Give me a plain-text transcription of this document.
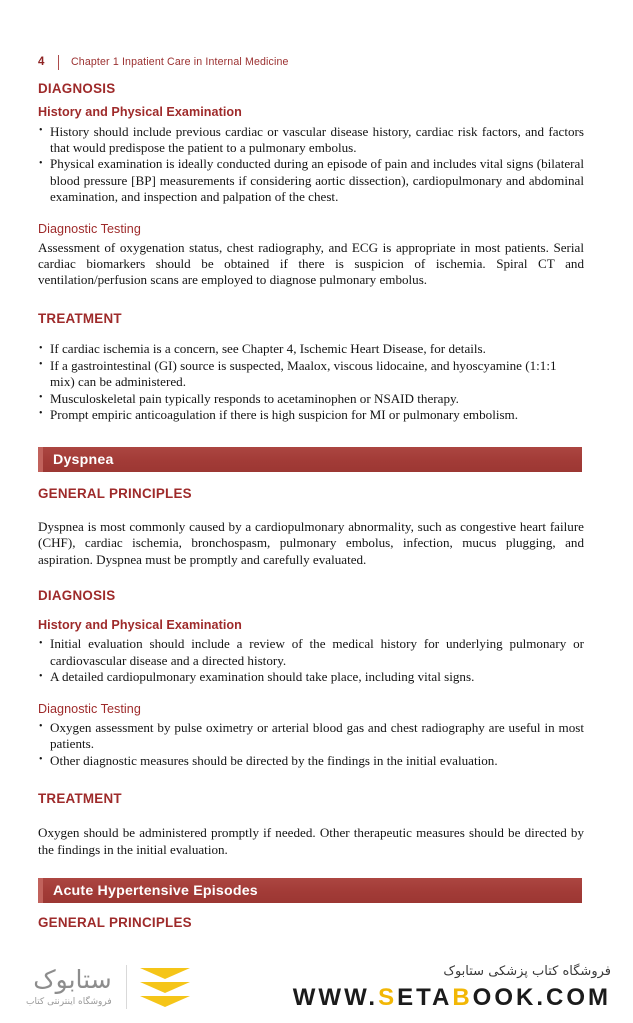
4 Chapter 1 Inpatient Care in Internal Medicine
DIAGNOSIS
History and Physical Examination
• History should include previous cardiac or vascular disease history, cardiac risk factors, and factors that would predispose the patient to a pulmonary embolus.
• Physical examination is ideally conducted during an episode of pain and includes vital signs (bilateral blood pressure [BP] measurements if considering aortic dissection), cardiopulmonary and abdominal examination, and inspection and palpation of the chest.
Diagnostic Testing

Assessment of oxygenation status, chest radiography, and ECG is appropriate in most patients. Serial cardiac biomarkers should be obtained if there is suspicion of ischemia. Spiral CT and ventilation/perfusion scans are employed to diagnose pulmonary embolus.

TREATMENT
• If cardiac ischemia is a concern, see Chapter 4, Ischemic Heart Disease, for details.
• If a gastrointestinal (GI) source is suspected, Maalox, viscous lidocaine, and hyoscyamine (1:1:1 mix) can be administered.
• Musculoskeletal pain typically responds to acetaminophen or NSAID therapy.
• Prompt empiric anticoagulation if there is high suspicion for MI or pulmonary embolism.
Dyspnea
GENERAL PRINCIPLES

Dyspnea is most commonly caused by a cardiopulmonary abnormality, such as congestive heart failure (CHF), cardiac ischemia, bronchospasm, pulmonary embolus, infection, mucus plugging, and aspiration. Dyspnea must be promptly and carefully evaluated.

DIAGNOSIS
History and Physical Examination
• Initial evaluation should include a review of the medical history for underlying pulmonary or cardiovascular disease and a directed history.
• A detailed cardiopulmonary examination should take place, including vital signs.
Diagnostic Testing
• Oxygen assessment by pulse oximetry or arterial blood gas and chest radiography are useful in most patients.
• Other diagnostic measures should be directed by the findings in the initial evaluation.
TREATMENT

Oxygen should be administered promptly if needed. Other therapeutic measures should be directed by the findings in the initial evaluation.

Acute Hypertensive Episodes
GENERAL PRINCIPLES
ستابوک
فروشگاه اینترنتی کتاب
فروشگاه کتاب پزشکی ستابوک
WWW.SETABOOK.COM
